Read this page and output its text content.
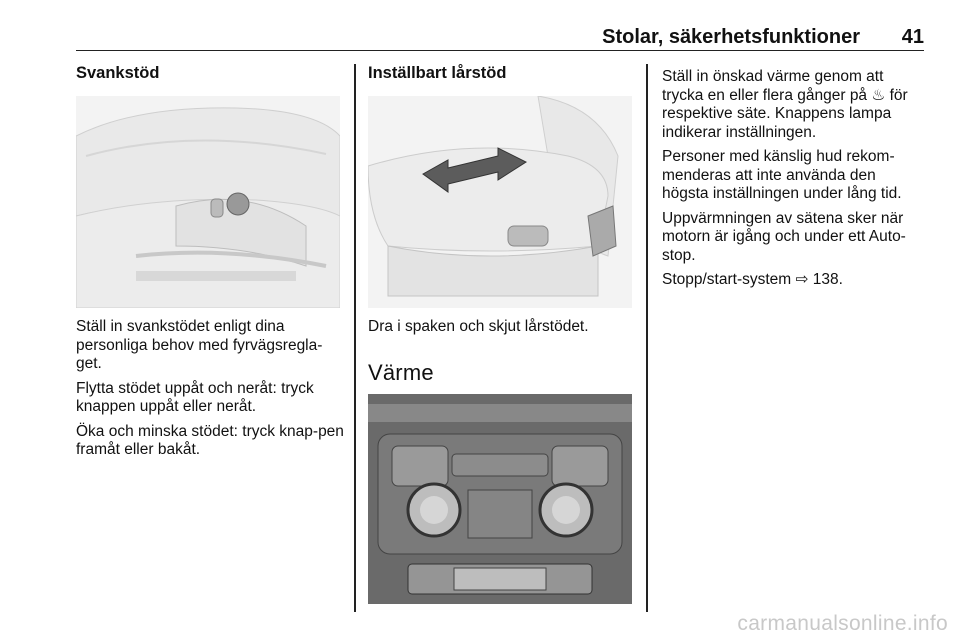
Stolar, säkerhetsfunktioner 41
Svankstöd

Ställ in svankstödet enligt dina personliga behov med fyrvägsregla-get.

Flytta stödet uppåt och neråt: tryck knappen uppåt eller neråt.

Öka och minska stödet: tryck knap-pen framåt eller bakåt.

Inställbart lårstöd

Dra i spaken och skjut lårstödet.

Värme

Ställ in önskad värme genom att trycka en eller flera gånger på ♨ för respektive säte. Knappens lampa indikerar inställningen.

Personer med känslig hud rekom-menderas att inte använda den högsta inställningen under lång tid.

Uppvärmningen av sätena sker när motorn är igång och under ett Auto-stop.

Stopp/start-system ⇨ 138.

carmanualsonline.info
